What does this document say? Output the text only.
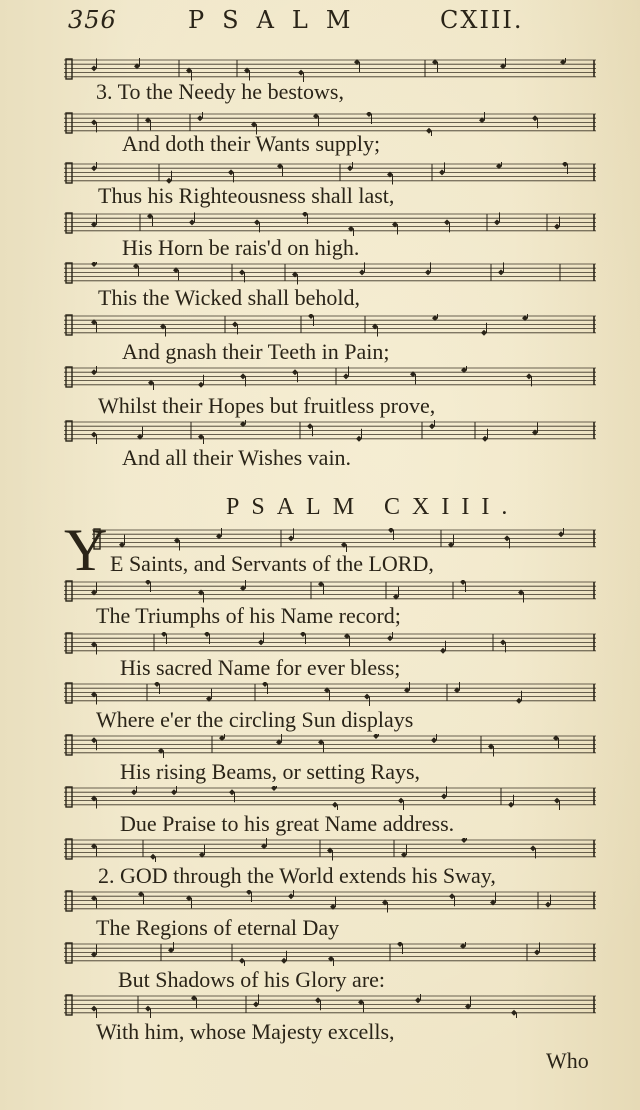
356	PSALM	CXIII.
3. To the Needy he bestows,
And doth their Wants supply;
Thus his Righteousness shall last,
His Horn be rais'd on high.
This the Wicked shall behold,
And gnash their Teeth in Pain;
Whilst their Hopes but fruitless prove,
And all their Wishes vain.
PSALM CXIII.
Y E Saints, and Servants of the LORD,
The Triumphs of his Name record;
His sacred Name for ever bless;
Where e'er the circling Sun displays
His rising Beams, or setting Rays,
Due Praise to his great Name address.
2. GOD through the World extends his Sway,
The Regions of eternal Day
But Shadows of his Glory are:
With him, whose Majesty excells,
Who
